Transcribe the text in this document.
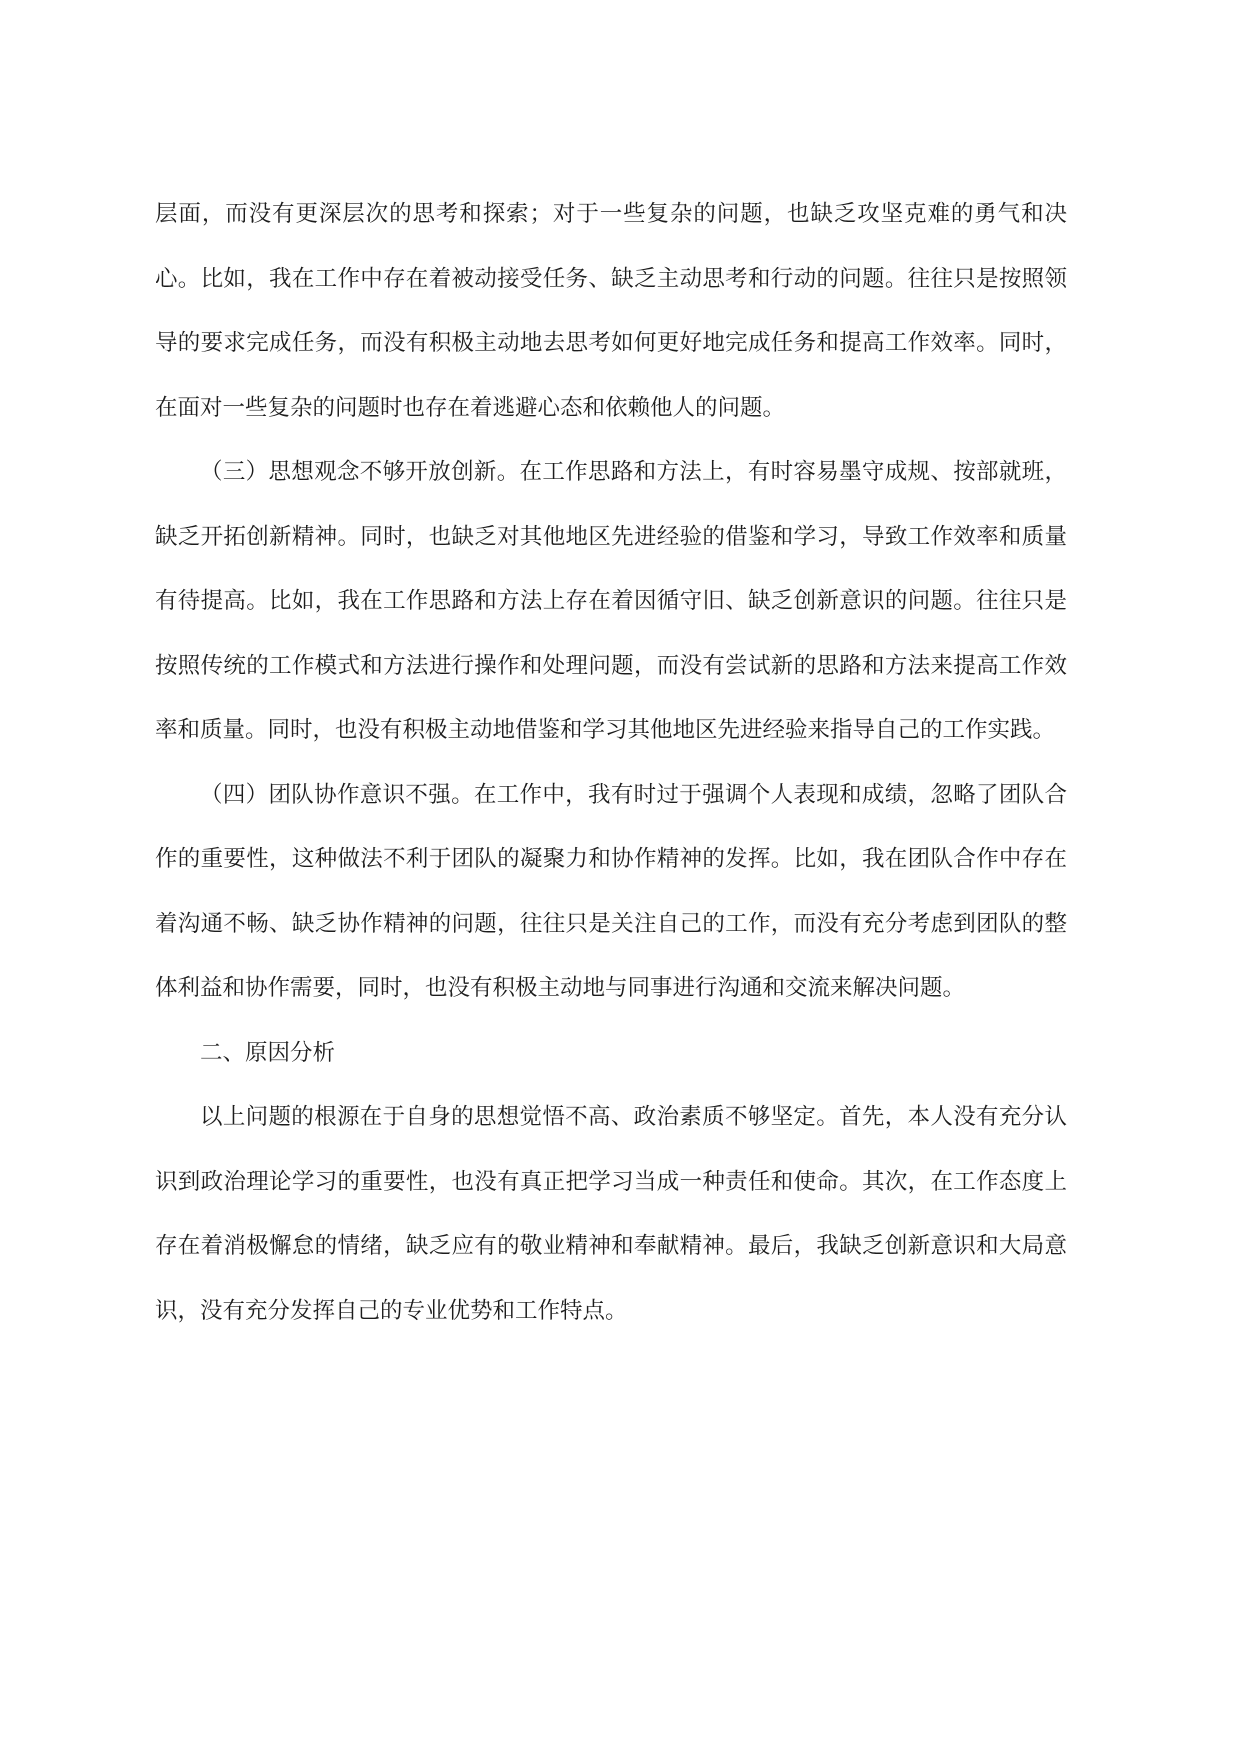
层面，而没有更深层次的思考和探索；对于一些复杂的问题，也缺乏攻坚克难的勇气和决心。比如，我在工作中存在着被动接受任务、缺乏主动思考和行动的问题。往往只是按照领导的要求完成任务，而没有积极主动地去思考如何更好地完成任务和提高工作效率。同时，在面对一些复杂的问题时也存在着逃避心态和依赖他人的问题。

（三）思想观念不够开放创新。在工作思路和方法上，有时容易墨守成规、按部就班，缺乏开拓创新精神。同时，也缺乏对其他地区先进经验的借鉴和学习，导致工作效率和质量有待提高。比如，我在工作思路和方法上存在着因循守旧、缺乏创新意识的问题。往往只是按照传统的工作模式和方法进行操作和处理问题，而没有尝试新的思路和方法来提高工作效率和质量。同时，也没有积极主动地借鉴和学习其他地区先进经验来指导自己的工作实践。

（四）团队协作意识不强。在工作中，我有时过于强调个人表现和成绩，忽略了团队合作的重要性，这种做法不利于团队的凝聚力和协作精神的发挥。比如，我在团队合作中存在着沟通不畅、缺乏协作精神的问题，往往只是关注自己的工作，而没有充分考虑到团队的整体利益和协作需要，同时，也没有积极主动地与同事进行沟通和交流来解决问题。

二、原因分析

以上问题的根源在于自身的思想觉悟不高、政治素质不够坚定。首先，本人没有充分认识到政治理论学习的重要性，也没有真正把学习当成一种责任和使命。其次，在工作态度上存在着消极懈怠的情绪，缺乏应有的敬业精神和奉献精神。最后，我缺乏创新意识和大局意识，没有充分发挥自己的专业优势和工作特点。
